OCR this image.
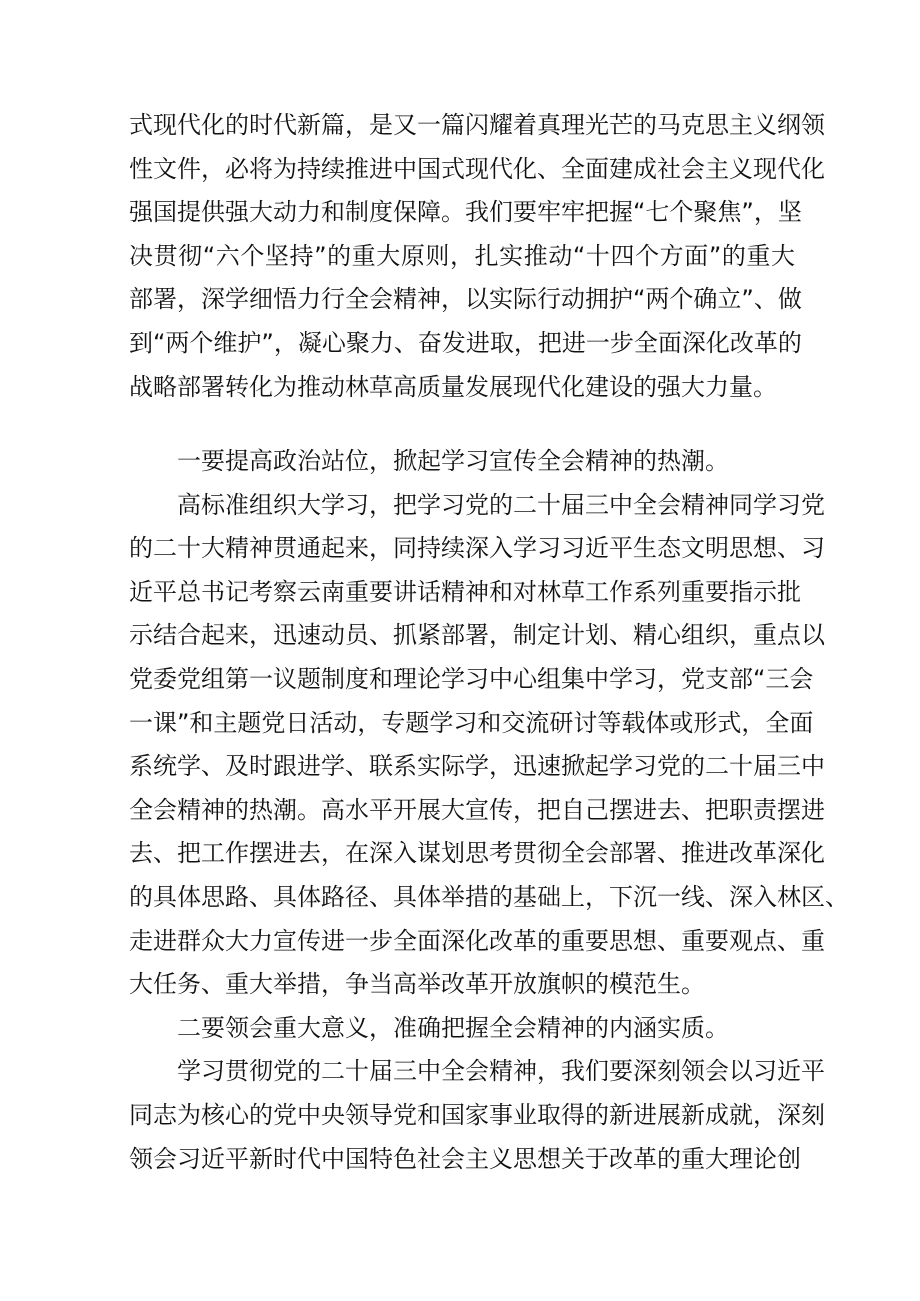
式现代化的时代新篇，是又一篇闪耀着真理光芒的马克思主义纲领
性文件，必将为持续推进中国式现代化、全面建成社会主义现代化
强国提供强大动力和制度保障。我们要牢牢把握“七个聚焦”，坚
决贯彻“六个坚持”的重大原则，扎实推动“十四个方面”的重大
部署，深学细悟力行全会精神，以实际行动拥护“两个确立”、做
到“两个维护”，凝心聚力、奋发进取，把进一步全面深化改革的
战略部署转化为推动林草高质量发展现代化建设的强大力量。
一要提高政治站位，掀起学习宣传全会精神的热潮。
高标准组织大学习，把学习党的二十届三中全会精神同学习党
的二十大精神贯通起来，同持续深入学习习近平生态文明思想、习
近平总书记考察云南重要讲话精神和对林草工作系列重要指示批
示结合起来，迅速动员、抓紧部署，制定计划、精心组织，重点以
党委党组第一议题制度和理论学习中心组集中学习，党支部“三会
一课”和主题党日活动，专题学习和交流研讨等载体或形式，全面
系统学、及时跟进学、联系实际学，迅速掀起学习党的二十届三中
全会精神的热潮。高水平开展大宣传，把自己摆进去、把职责摆进
去、把工作摆进去，在深入谋划思考贯彻全会部署、推进改革深化
的具体思路、具体路径、具体举措的基础上，下沉一线、深入林区、
走进群众大力宣传进一步全面深化改革的重要思想、重要观点、重
大任务、重大举措，争当高举改革开放旗帜的模范生。
二要领会重大意义，准确把握全会精神的内涵实质。
学习贯彻党的二十届三中全会精神，我们要深刻领会以习近平
同志为核心的党中央领导党和国家事业取得的新进展新成就，深刻
领会习近平新时代中国特色社会主义思想关于改革的重大理论创
